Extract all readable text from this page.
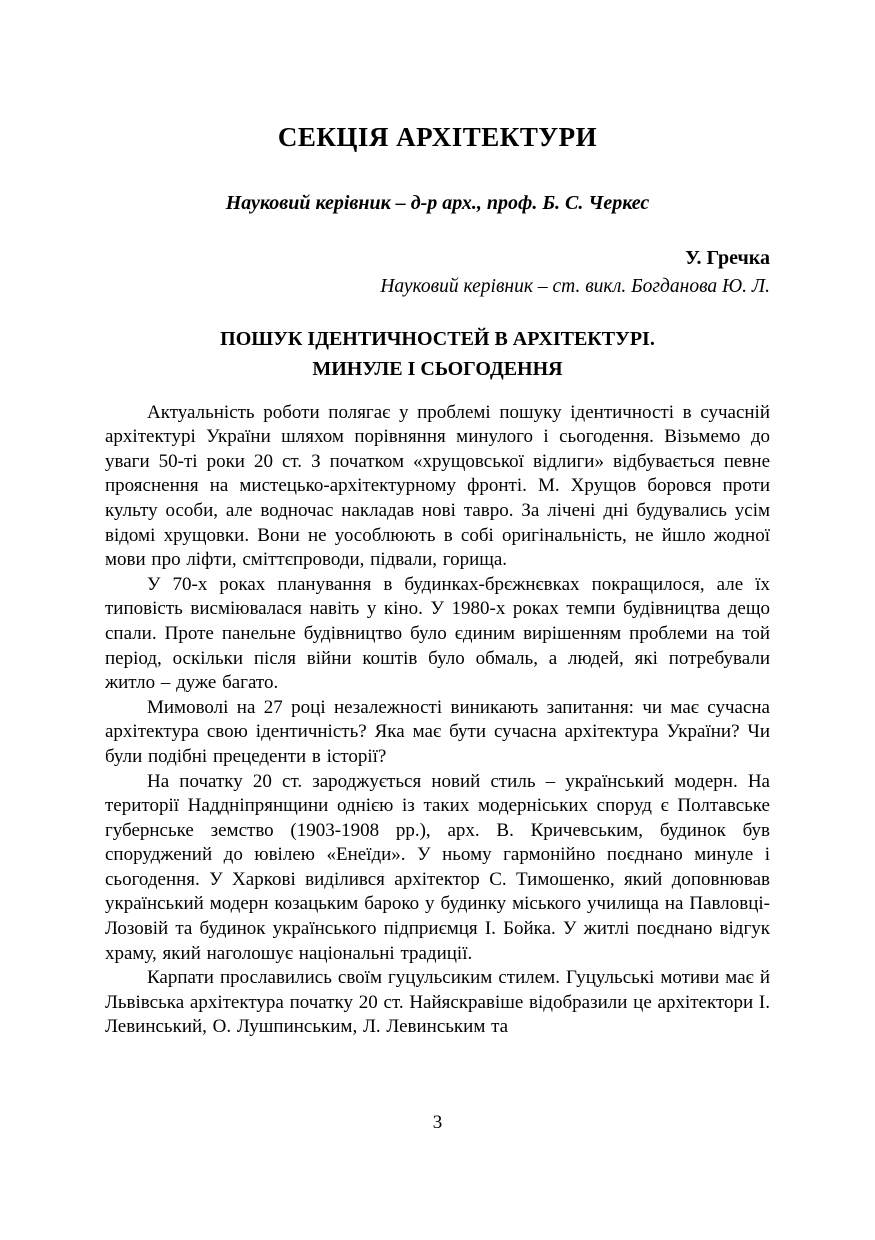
СЕКЦІЯ АРХІТЕКТУРИ
Науковий керівник – д-р арх., проф. Б. С. Черкес
У. Гречка
Науковий керівник – ст. викл. Богданова Ю. Л.
ПОШУК ІДЕНТИЧНОСТЕЙ В АРХІТЕКТУРІ.
МИНУЛЕ І СЬОГОДЕННЯ

Актуальність роботи полягає у проблемі пошуку ідентичності в сучасній архітектурі України шляхом порівняння минулого і сьогодення. Візьмемо до уваги 50-ті роки 20 ст. З початком «хрущовської відлиги» відбувається певне прояснення на мистецько-архітектурному фронті. М. Хрущов боровся проти культу особи, але водночас накладав нові тавро. За лічені дні будувались усім відомі хрущовки. Вони не уособлюють в собі оригінальність, не йшло жодної мови про ліфти, сміттєпроводи, підвали, горища.

У 70-х роках планування в будинках-брєжнєвках покращилося, але їх типовість висміювалася навіть у кіно. У 1980-х роках темпи будівництва дещо спали. Проте панельне будівництво було єдиним вирішенням проблеми на той період, оскільки після війни коштів було обмаль, а людей, які потребували житло – дуже багато.

Мимоволі на 27 році незалежності виникають запитання: чи має сучасна архітектура свою ідентичність? Яка має бути сучасна архітектура України? Чи були подібні прецеденти в історії?

На початку 20 ст. зароджується новий стиль – український модерн. На території Наддніпрянщини однією із таких модерніських споруд є Полтавське губернське земство (1903-1908 рр.), арх. В. Кричевським, будинок був споруджений до ювілею «Енеїди». У ньому гармонійно поєднано минуле і сьогодення. У Харкові виділився архітектор С. Тимошенко, який доповнював український модерн козацьким бароко у будинку міського училища на Павловці-Лозовій та будинок українського підприємця І. Бойка. У житлі поєднано відгук храму, який наголошує національні традиції.

Карпати прославились своїм гуцульсиким стилем. Гуцульські мотиви має й Львівська архітектура початку 20 ст. Найяскравіше відобразили це архітектори І. Левинський, О. Лушпинським, Л. Левинським та

3
